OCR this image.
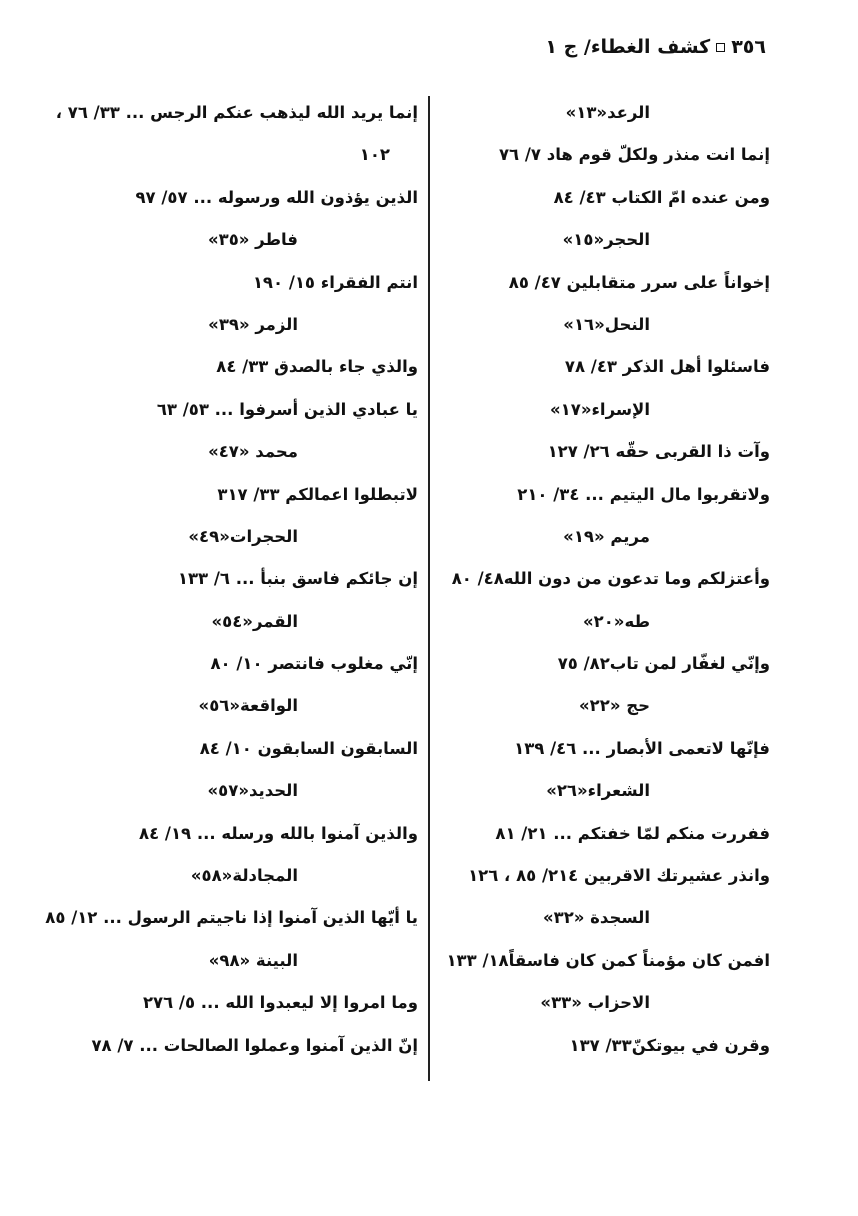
٣٥٦
كشف الغطاء/ ج ١
الرعد«١٣»
إنما انت منذر ولكلّ قوم هاد ٧/ ٧٦
ومن عنده امّ الكتاب ٤٣/ ٨٤
الحجر«١٥»
إخواناً على سرر متقابلين ٤٧/ ٨٥
النحل«١٦»
فاسئلوا أهل الذكر ٤٣/ ٧٨
الإسراء«١٧»
وآت ذا القربى حقّه ٢٦/ ١٢٧
ولاتقربوا مال اليتيم ... ٣٤/ ٢١٠
مريم «١٩»
وأعتزلكم وما تدعون من دون الله٤٨/ ٨٠
طه«٢٠»
وإنّي لغفّار لمن تاب٨٢/ ٧٥
حج «٢٢»
فإنّها لاتعمى الأبصار ... ٤٦/ ١٣٩
الشعراء«٢٦»
ففررت منكم لمّا خفتكم ... ٢١/ ٨١
وانذر عشيرتك الاقربين ٢١٤/ ٨٥ ، ١٢٦
السجدة «٣٢»
افمن كان مؤمناً كمن كان فاسقاً١٨/ ١٣٣
الاحزاب «٣٣»
وقرن في بيوتكنّ٣٣/ ١٣٧
إنما يريد الله ليذهب عنكم الرجس ... ٣٣/ ٧٦ ،
١٠٢
الذين يؤذون الله ورسوله ... ٥٧/ ٩٧
فاطر «٣٥»
انتم الفقراء ١٥/ ١٩٠
الزمر «٣٩»
والذي جاء بالصدق ٣٣/ ٨٤
يا عبادي الذين أسرفوا ... ٥٣/ ٦٣
محمد «٤٧»
لاتبطلوا اعمالكم ٣٣/ ٣١٧
الحجرات«٤٩»
إن جائكم فاسق بنبأ ... ٦/ ١٣٣
القمر«٥٤»
إنّي مغلوب فانتصر ١٠/ ٨٠
الواقعة«٥٦»
السابقون السابقون ١٠/ ٨٤
الحديد«٥٧»
والذين آمنوا بالله ورسله ... ١٩/ ٨٤
المجادلة«٥٨»
يا أيّها الذين آمنوا إذا ناجيتم الرسول ... ١٢/ ٨٥
البينة «٩٨»
وما امروا إلا ليعبدوا الله ... ٥/ ٢٧٦
إنّ الذين آمنوا وعملوا الصالحات ... ٧/ ٧٨
